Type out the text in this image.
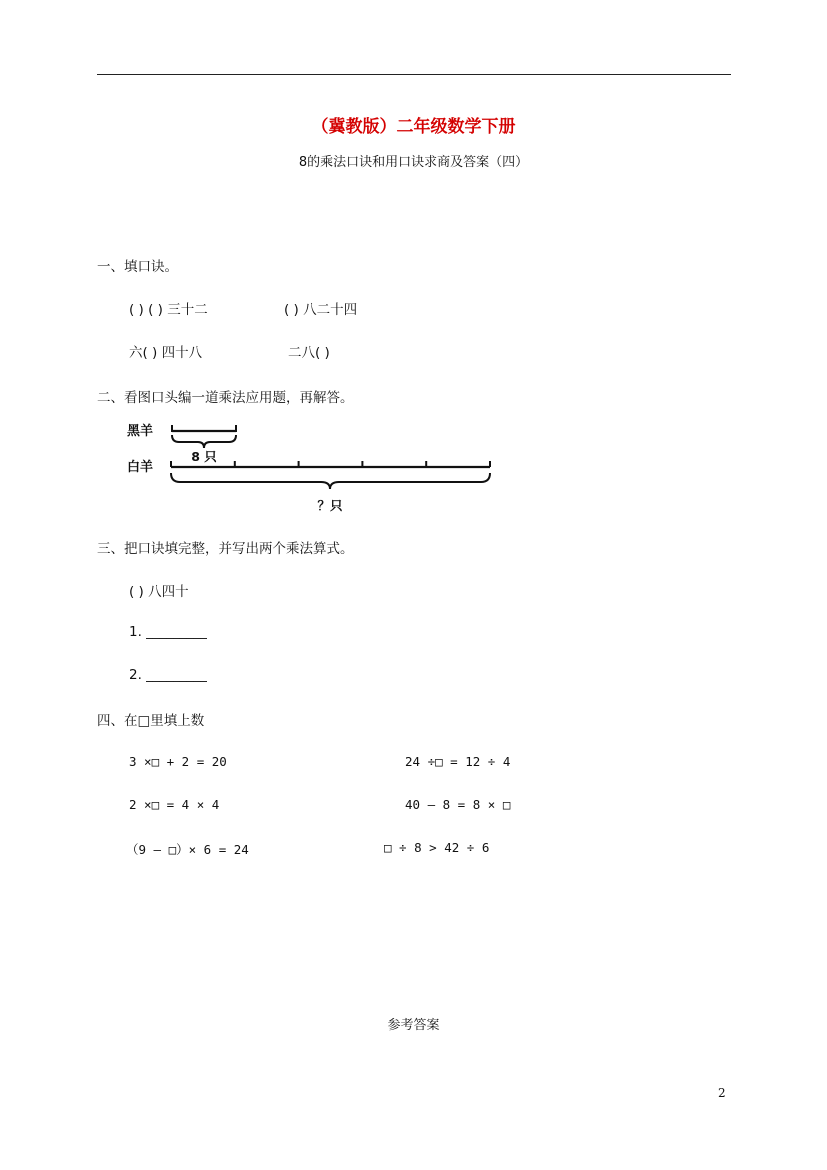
（冀教版）二年级数学下册
8的乘法口诀和用口诀求商及答案（四）
一、填口诀。
( ) ( ) 三十二	( ) 八二十四
六( ) 四十八	二八( )
二、看图口头编一道乘法应用题，再解答。
黑羊
8 只
白羊
？只
三、把口诀填完整，并写出两个乘法算式。
( ) 八四十
1. _________
2. _________
四、在□里填上数
3 ×□ + 2 = 20	24 ÷□ = 12 ÷ 4
2 ×□ = 4 × 4	40 – 8 = 8 × □
（9 – □）× 6 = 24	□ ÷ 8 > 42 ÷ 6
参考答案
2
